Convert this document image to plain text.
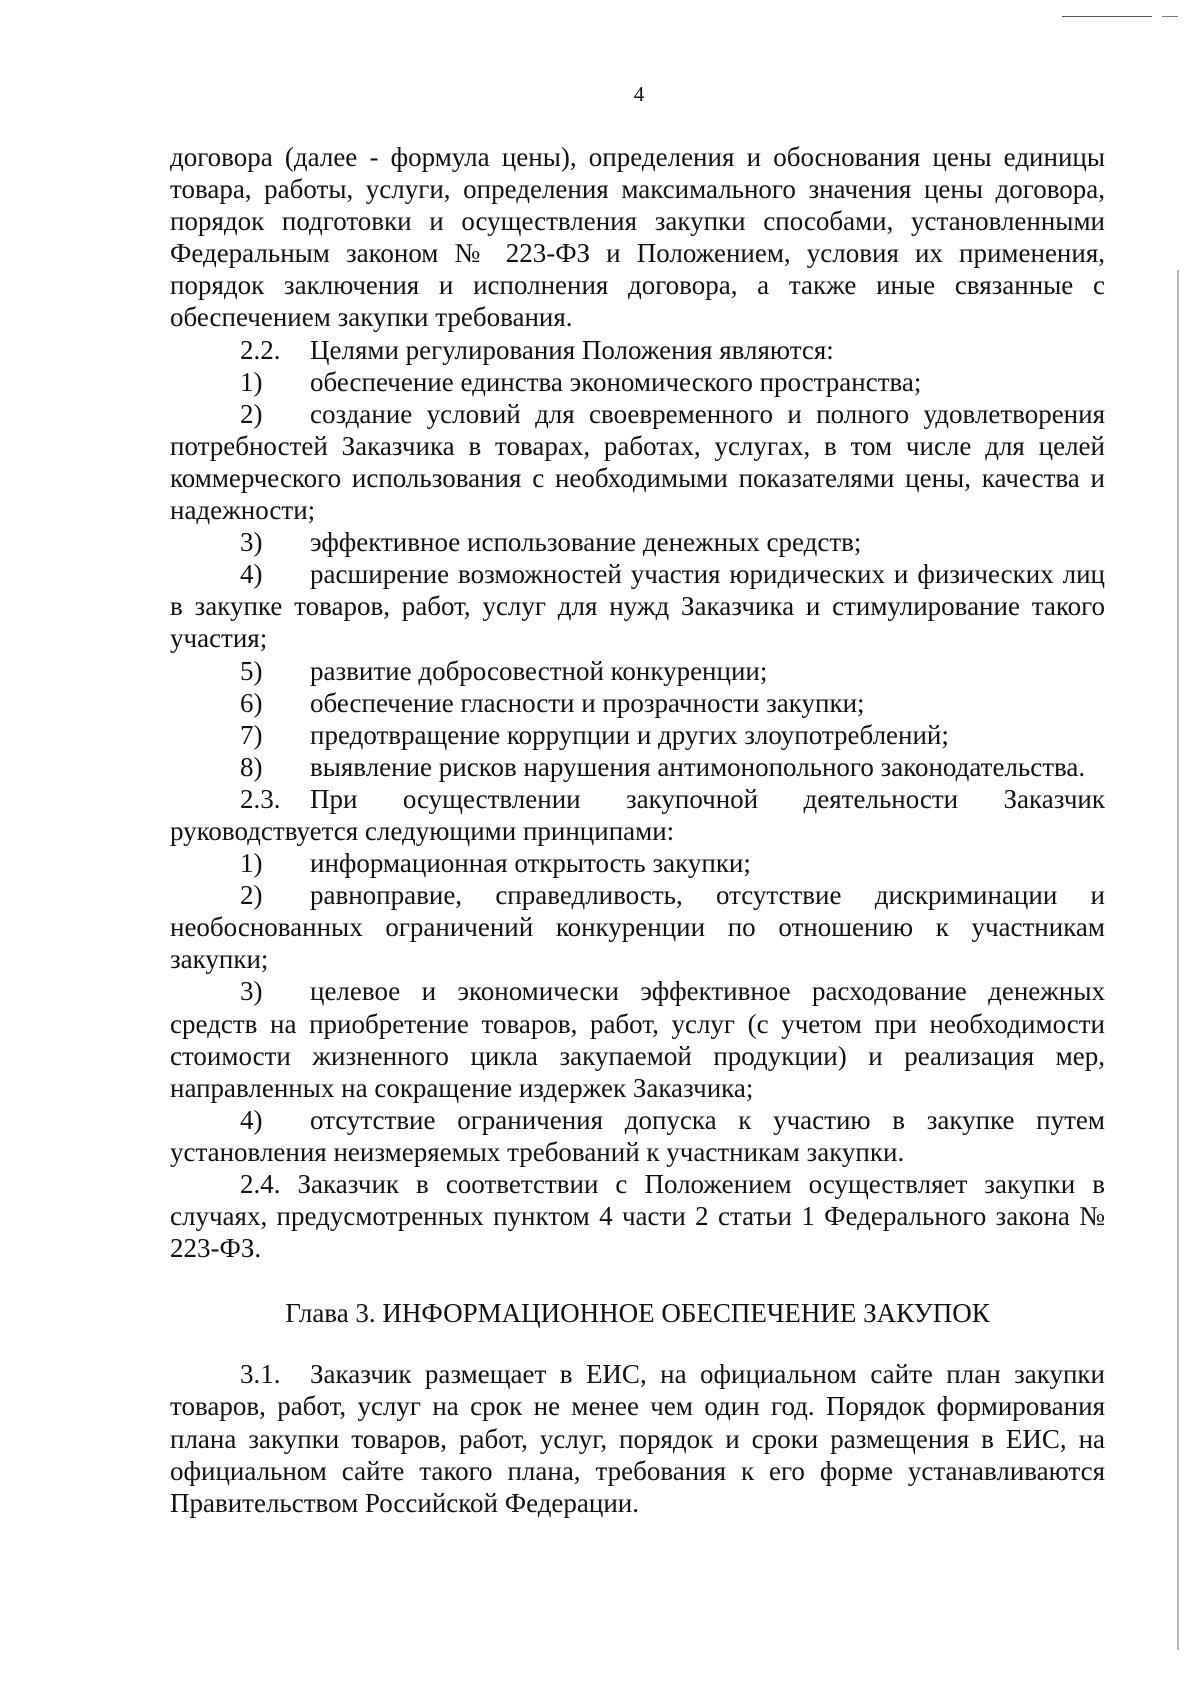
4

договора (далее - формула цены), определения и обоснования цены единицы товара, работы, услуги, определения максимального значения цены договора, порядок подготовки и осуществления закупки способами, установленными Федеральным законом № 223-ФЗ и Положением, условия их применения, порядок заключения и исполнения договора, а также иные связанные с обеспечением закупки требования.

2.2. Целями регулирования Положения являются:

1) обеспечение единства экономического пространства;

2) создание условий для своевременного и полного удовлетворения потребностей Заказчика в товарах, работах, услугах, в том числе для целей коммерческого использования с необходимыми показателями цены, качества и надежности;

3) эффективное использование денежных средств;

4) расширение возможностей участия юридических и физических лиц в закупке товаров, работ, услуг для нужд Заказчика и стимулирование такого участия;

5) развитие добросовестной конкуренции;

6) обеспечение гласности и прозрачности закупки;

7) предотвращение коррупции и других злоупотреблений;

8) выявление рисков нарушения антимонопольного законодательства.

2.3. При осуществлении закупочной деятельности Заказчик руководствуется следующими принципами:

1) информационная открытость закупки;

2) равноправие, справедливость, отсутствие дискриминации и необоснованных ограничений конкуренции по отношению к участникам закупки;

3) целевое и экономически эффективное расходование денежных средств на приобретение товаров, работ, услуг (с учетом при необходимости стоимости жизненного цикла закупаемой продукции) и реализация мер, направленных на сокращение издержек Заказчика;

4) отсутствие ограничения допуска к участию в закупке путем установления неизмеряемых требований к участникам закупки.

2.4. Заказчик в соответствии с Положением осуществляет закупки в случаях, предусмотренных пунктом 4 части 2 статьи 1 Федерального закона № 223-ФЗ.

Глава 3. ИНФОРМАЦИОННОЕ ОБЕСПЕЧЕНИЕ ЗАКУПОК

3.1. Заказчик размещает в ЕИС, на официальном сайте план закупки товаров, работ, услуг на срок не менее чем один год. Порядок формирования плана закупки товаров, работ, услуг, порядок и сроки размещения в ЕИС, на официальном сайте такого плана, требования к его форме устанавливаются Правительством Российской Федерации.
